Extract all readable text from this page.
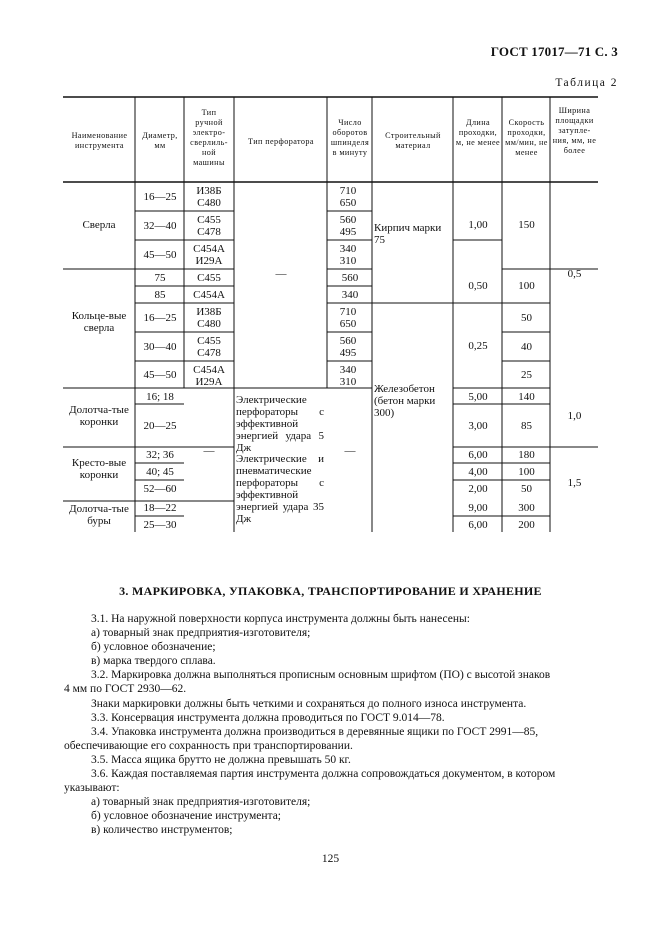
ГОСТ 17017—71 С. 3
Таблица 2
Наименование инструмента
Диаметр, мм
Тип ручной электро-сверлиль-ной машины
Тип перфоратора
Число оборотов шпинделя в минуту
Строительный материал
Длина проходки, м, не менее
Скорость проходки, мм/мин, не менее
Ширина площадки затупле-ния, мм, не более
Сверла
Кольце-вые сверла
Долотча-тые коронки
Кресто-вые коронки
Долотча-тые буры
16—25
32—40
45—50
75
85
16—25
30—40
45—50
16; 18
20—25
32; 36
40; 45
52—60
18—22
25—30
И38Б
С480
С455
С478
С454А
И29А
С455
С454А
И38Б
С480
С455
С478
С454А
И29А
—
—
Электрические перфораторы с эффективной энергией удара 5 Дж
Электрические и пневматические перфораторы с эффективной энергией удара 35 Дж
710
650
560
495
340
310
560
340
710
650
560
495
340
310
—
Кирпич марки 75
Железобетон (бетон марки 300)
1,00
0,50
0,25
5,00
3,00
6,00
4,00
2,00
9,00
6,00
150
100
50
40
25
140
85
180
100
50
300
200
0,5
1,0
1,5
3. МАРКИРОВКА, УПАКОВКА, ТРАНСПОРТИРОВАНИЕ И ХРАНЕНИЕ
3.1. На наружной поверхности корпуса инструмента должны быть нанесены:
а) товарный знак предприятия-изготовителя;
б) условное обозначение;
в) марка твердого сплава.
3.2. Маркировка должна выполняться прописным основным шрифтом (ПО) с высотой знаков
4 мм по ГОСТ 2930—62.
Знаки маркировки должны быть четкими и сохраняться до полного износа инструмента.
3.3. Консервация инструмента должна проводиться по ГОСТ 9.014—78.
3.4. Упаковка инструмента должна производиться в деревянные ящики по ГОСТ 2991—85,
обеспечивающие его сохранность при транспортировании.
3.5. Масса ящика брутто не должна превышать 50 кг.
3.6. Каждая поставляемая партия инструмента должна сопровождаться документом, в котором
указывают:
а) товарный знак предприятия-изготовителя;
б) условное обозначение инструмента;
в) количество инструментов;
125
